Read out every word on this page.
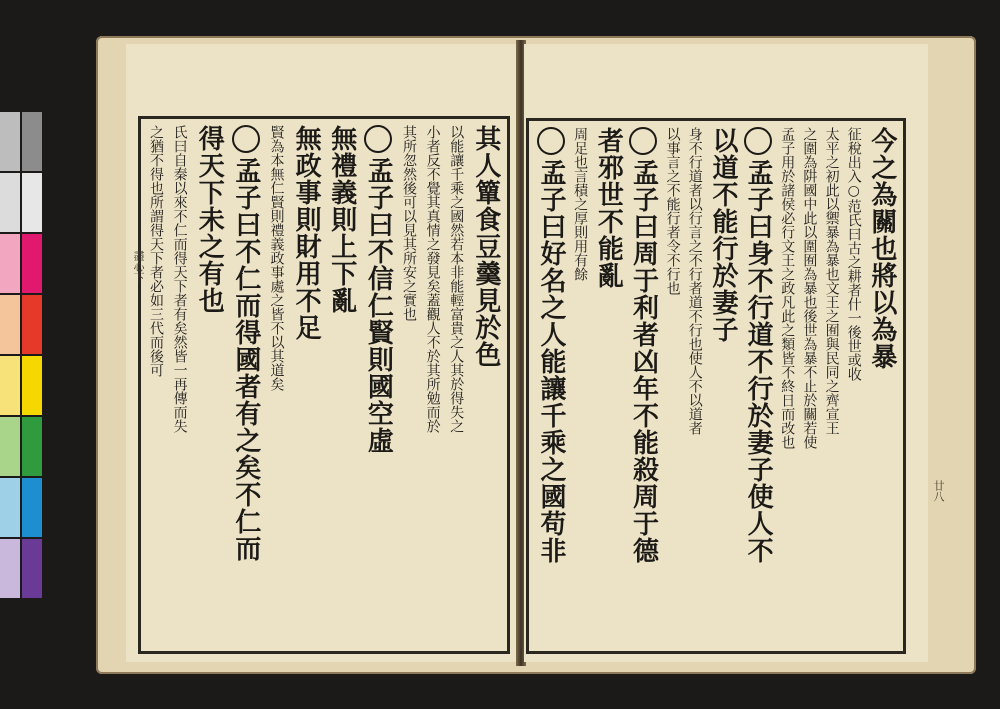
其人簞食豆羹見於色
以能讓千乘之國然若本非能輕富貴之人其於得失之
小者反不覺其真情之發見矣蓋觀人不於其所勉而於
其所忽然後可以見其所安之實也
孟子曰不信仁賢則國空虛
無禮義則上下亂
無政事則財用不足
賢為本無仁賢則禮義政事處之皆不以其道矣
孟子曰不仁而得國者有之矣不仁而
得天下未之有也
氏曰自秦以來不仁而得天下者有矣然皆一再傳而失
之猶不得也所謂得天下者必如三代而後可	今之為關也將以為暴
征稅出入○范氏曰古之耕者什一後世或收
太平之初此以禦暴為暴也文王之囿與民同之齊宣王
之圍為阱國中此以圍囿為暴也後世為暴不止於關若使
孟子用於諸侯必行文王之政凡此之類皆不終日而改也
孟子曰身不行道不行於妻子使人不
以道不能行於妻子
身不行道者以行言之不行者道不行也使人不以道者
以事言之不能行者令不行也
孟子曰周于利者凶年不能殺周于德
者邪世不能亂
周足也言積之厚則用有餘
孟子曰好名之人能讓千乘之國苟非
盡心下
廿八
